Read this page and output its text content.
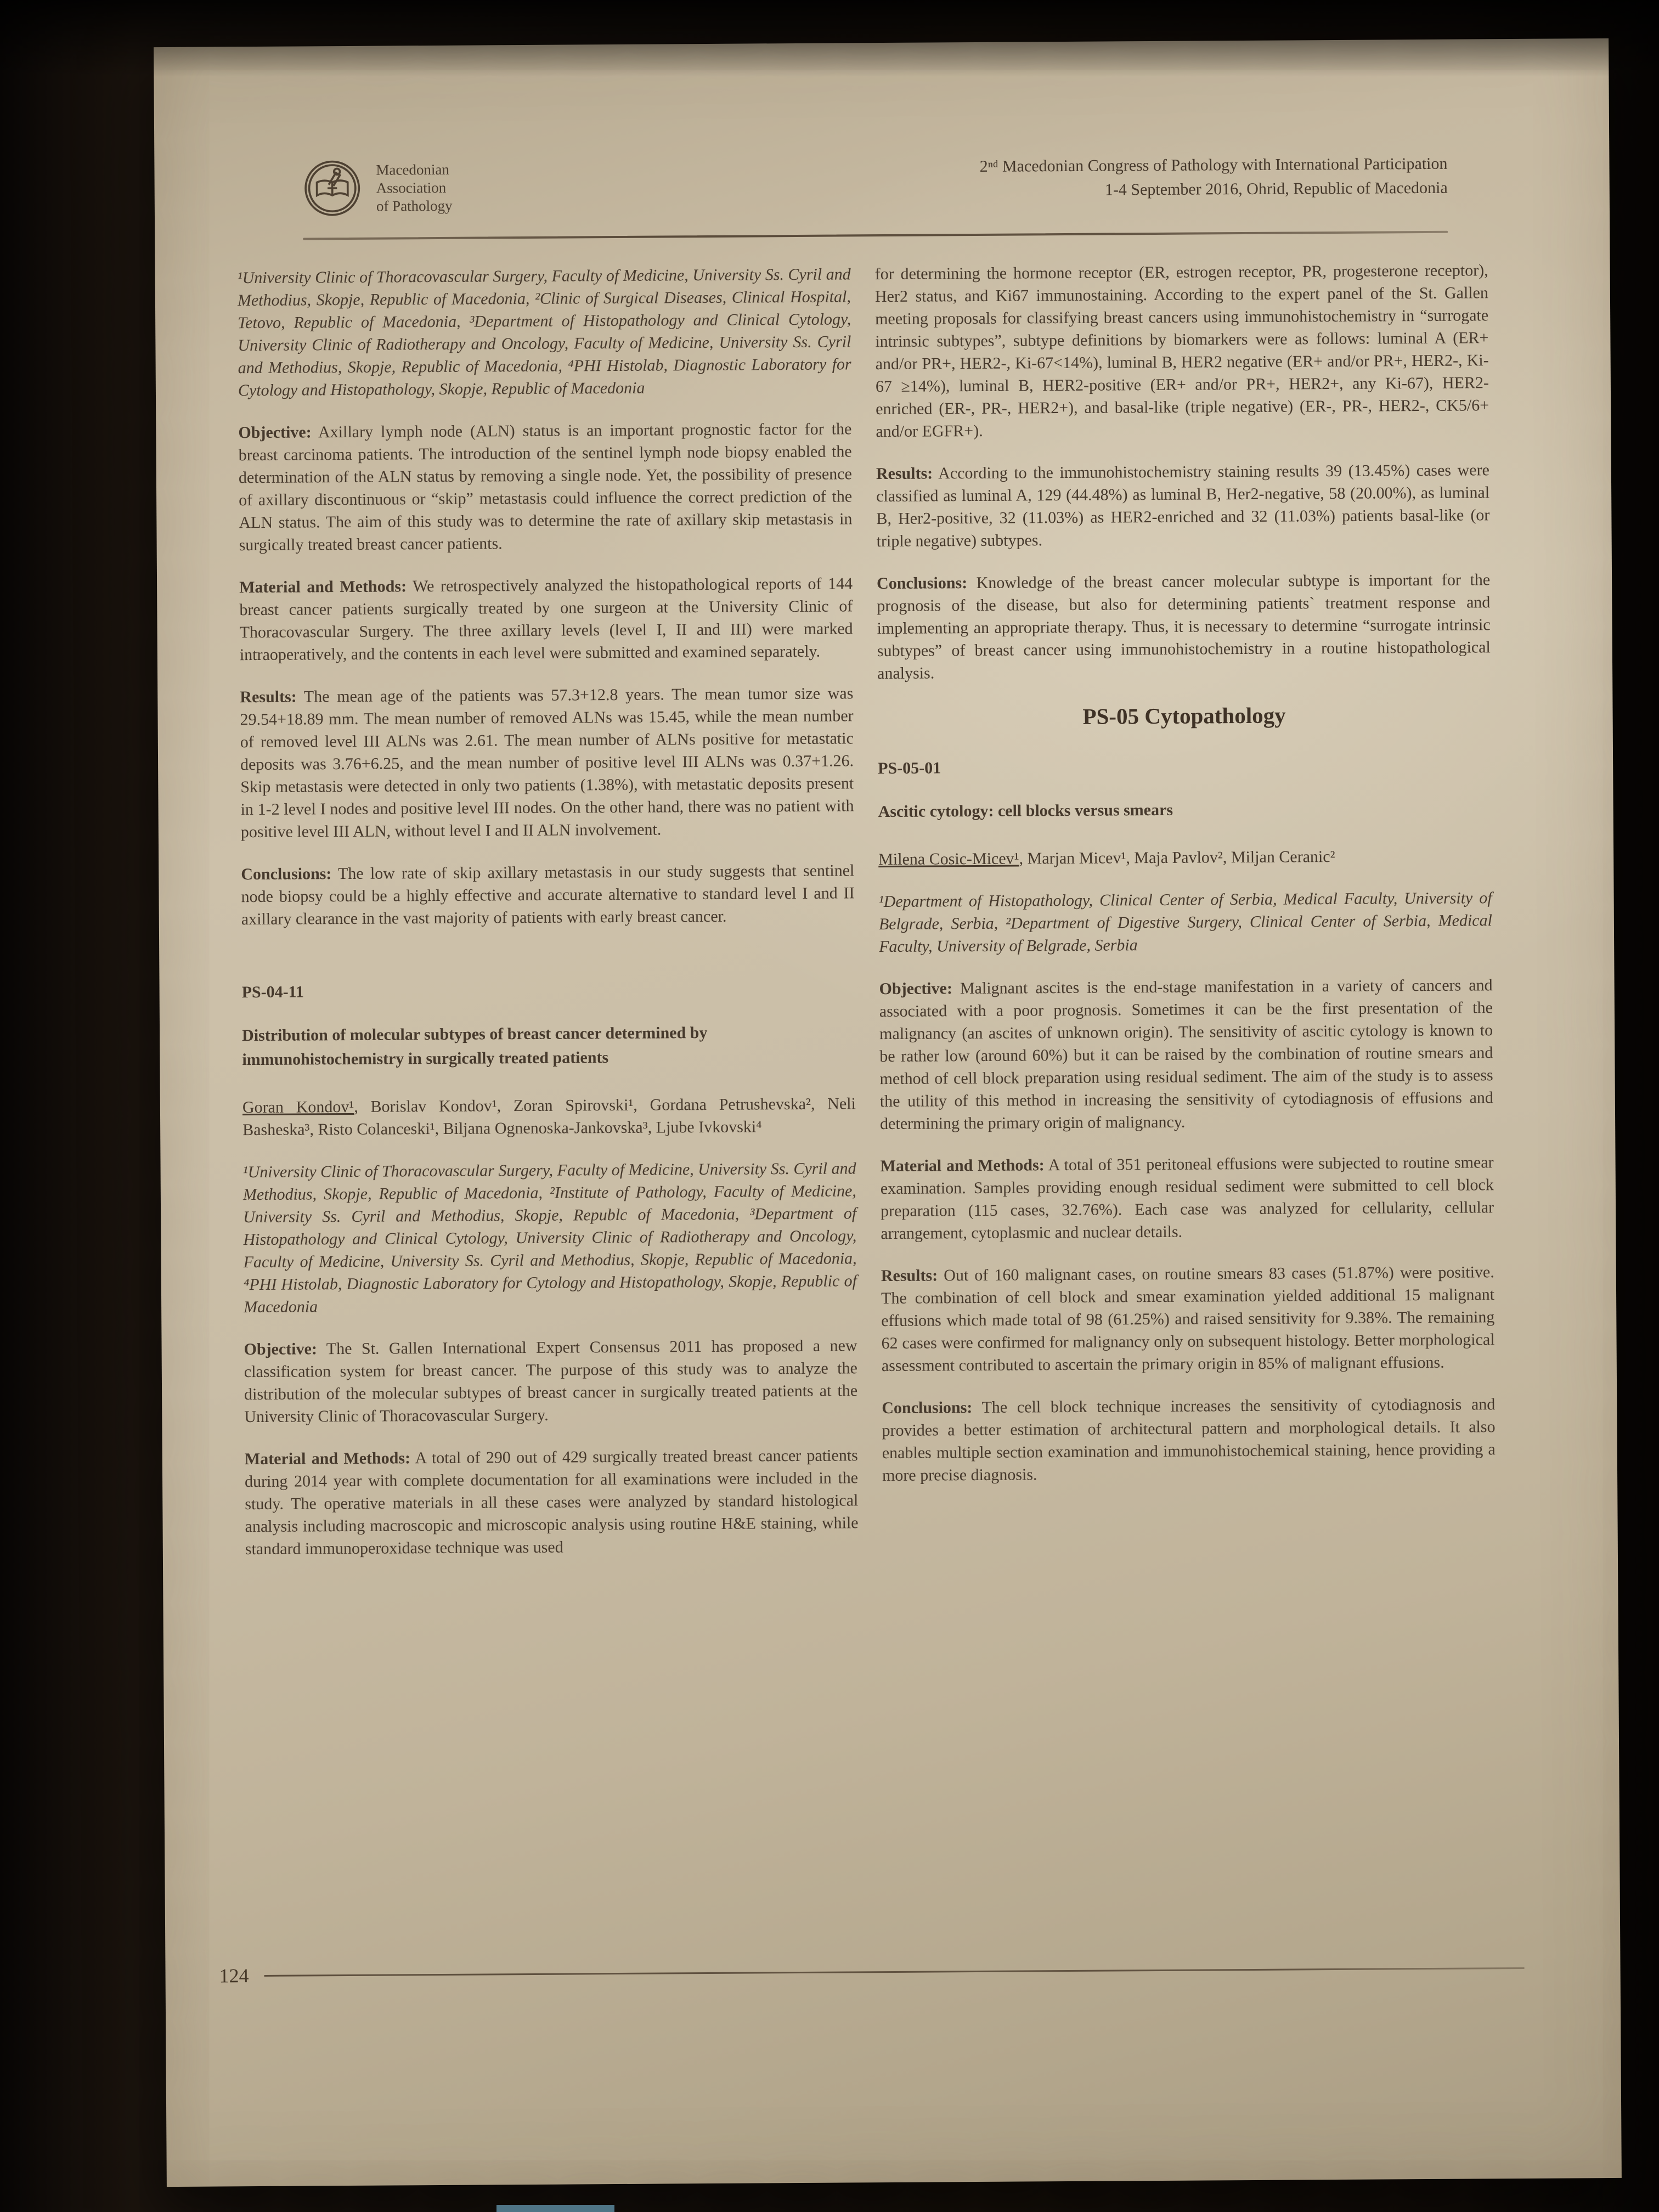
Macedonian
Association
of Pathology
2ⁿᵈ Macedonian Congress of Pathology with International Participation
1-4 September 2016, Ohrid, Republic of Macedonia

¹University Clinic of Thoracovascular Surgery, Faculty of Medicine, University Ss. Cyril and Methodius, Skopje, Republic of Macedonia, ²Clinic of Surgical Diseases, Clinical Hospital, Tetovo, Republic of Macedonia, ³Department of Histopathology and Clinical Cytology, University Clinic of Radiotherapy and Oncology, Faculty of Medicine, University Ss. Cyril and Methodius, Skopje, Republic of Macedonia, ⁴PHI Histolab, Diagnostic Laboratory for Cytology and Histopathology, Skopje, Republic of Macedonia

Objective: Axillary lymph node (ALN) status is an important prognostic factor for the breast carcinoma patients. The introduction of the sentinel lymph node biopsy enabled the determination of the ALN status by removing a single node. Yet, the possibility of presence of axillary discontinuous or “skip” metastasis could influence the correct prediction of the ALN status. The aim of this study was to determine the rate of axillary skip metastasis in surgically treated breast cancer patients.

Material and Methods: We retrospectively analyzed the histopathological reports of 144 breast cancer patients surgically treated by one surgeon at the University Clinic of Thoracovascular Surgery. The three axillary levels (level I, II and III) were marked intraoperatively, and the contents in each level were submitted and examined separately.

Results: The mean age of the patients was 57.3+12.8 years. The mean tumor size was 29.54+18.89 mm. The mean number of removed ALNs was 15.45, while the mean number of removed level III ALNs was 2.61. The mean number of ALNs positive for metastatic deposits was 3.76+6.25, and the mean number of positive level III ALNs was 0.37+1.26. Skip metastasis were detected in only two patients (1.38%), with metastatic deposits present in 1-2 level I nodes and positive level III nodes. On the other hand, there was no patient with positive level III ALN, without level I and II ALN involvement.

Conclusions: The low rate of skip axillary metastasis in our study suggests that sentinel node biopsy could be a highly effective and accurate alternative to standard level I and II axillary clearance in the vast majority of patients with early breast cancer.

PS-04-11
Distribution of molecular subtypes of breast cancer determined by immunohistochemistry in surgically treated patients

Goran Kondov¹, Borislav Kondov¹, Zoran Spirovski¹, Gordana Petrushevska², Neli Basheska³, Risto Colanceski¹, Biljana Ognenoska-Jankovska³, Ljube Ivkovski⁴

¹University Clinic of Thoracovascular Surgery, Faculty of Medicine, University Ss. Cyril and Methodius, Skopje, Republic of Macedonia, ²Institute of Pathology, Faculty of Medicine, University Ss. Cyril and Methodius, Skopje, Republc of Macedonia, ³Department of Histopathology and Clinical Cytology, University Clinic of Radiotherapy and Oncology, Faculty of Medicine, University Ss. Cyril and Methodius, Skopje, Republic of Macedonia, ⁴PHI Histolab, Diagnostic Laboratory for Cytology and Histopathology, Skopje, Republic of Macedonia

Objective: The St. Gallen International Expert Consensus 2011 has proposed a new classification system for breast cancer. The purpose of this study was to analyze the distribution of the molecular subtypes of breast cancer in surgically treated patients at the University Clinic of Thoracovascular Surgery.

Material and Methods: A total of 290 out of 429 surgically treated breast cancer patients during 2014 year with complete documentation for all examinations were included in the study. The operative materials in all these cases were analyzed by standard histological analysis including macroscopic and microscopic analysis using routine H&E staining, while standard immunoperoxidase technique was used

for determining the hormone receptor (ER, estrogen receptor, PR, progesterone receptor), Her2 status, and Ki67 immunostaining. According to the expert panel of the St. Gallen meeting proposals for classifying breast cancers using immunohistochemistry in “surrogate intrinsic subtypes”, subtype definitions by biomarkers were as follows: luminal A (ER+ and/or PR+, HER2-, Ki-67<14%), luminal B, HER2 negative (ER+ and/or PR+, HER2-, Ki-67 ≥14%), luminal B, HER2-positive (ER+ and/or PR+, HER2+, any Ki-67), HER2-enriched (ER-, PR-, HER2+), and basal-like (triple negative) (ER-, PR-, HER2-, CK5/6+ and/or EGFR+).

Results: According to the immunohistochemistry staining results 39 (13.45%) cases were classified as luminal A, 129 (44.48%) as luminal B, Her2-negative, 58 (20.00%), as luminal B, Her2-positive, 32 (11.03%) as HER2-enriched and 32 (11.03%) patients basal-like (or triple negative) subtypes.

Conclusions: Knowledge of the breast cancer molecular subtype is important for the prognosis of the disease, but also for determining patients` treatment response and implementing an appropriate therapy. Thus, it is necessary to determine “surrogate intrinsic subtypes” of breast cancer using immunohistochemistry in a routine histopathological analysis.

PS-05 Cytopathology
PS-05-01
Ascitic cytology: cell blocks versus smears

Milena Cosic-Micev¹, Marjan Micev¹, Maja Pavlov², Miljan Ceranic²

¹Department of Histopathology, Clinical Center of Serbia, Medical Faculty, University of Belgrade, Serbia, ²Department of Digestive Surgery, Clinical Center of Serbia, Medical Faculty, University of Belgrade, Serbia

Objective: Malignant ascites is the end-stage manifestation in a variety of cancers and associated with a poor prognosis. Sometimes it can be the first presentation of the malignancy (an ascites of unknown origin). The sensitivity of ascitic cytology is known to be rather low (around 60%) but it can be raised by the combination of routine smears and method of cell block preparation using residual sediment. The aim of the study is to assess the utility of this method in increasing the sensitivity of cytodiagnosis of effusions and determining the primary origin of malignancy.

Material and Methods: A total of 351 peritoneal effusions were subjected to routine smear examination. Samples providing enough residual sediment were submitted to cell block preparation (115 cases, 32.76%). Each case was analyzed for cellularity, cellular arrangement, cytoplasmic and nuclear details.

Results: Out of 160 malignant cases, on routine smears 83 cases (51.87%) were positive. The combination of cell block and smear examination yielded additional 15 malignant effusions which made total of 98 (61.25%) and raised sensitivity for 9.38%. The remaining 62 cases were confirmed for malignancy only on subsequent histology. Better morphological assessment contributed to ascertain the primary origin in 85% of malignant effusions.

Conclusions: The cell block technique increases the sensitivity of cytodiagnosis and provides a better estimation of architectural pattern and morphological details. It also enables multiple section examination and immunohistochemical staining, hence providing a more precise diagnosis.

124
